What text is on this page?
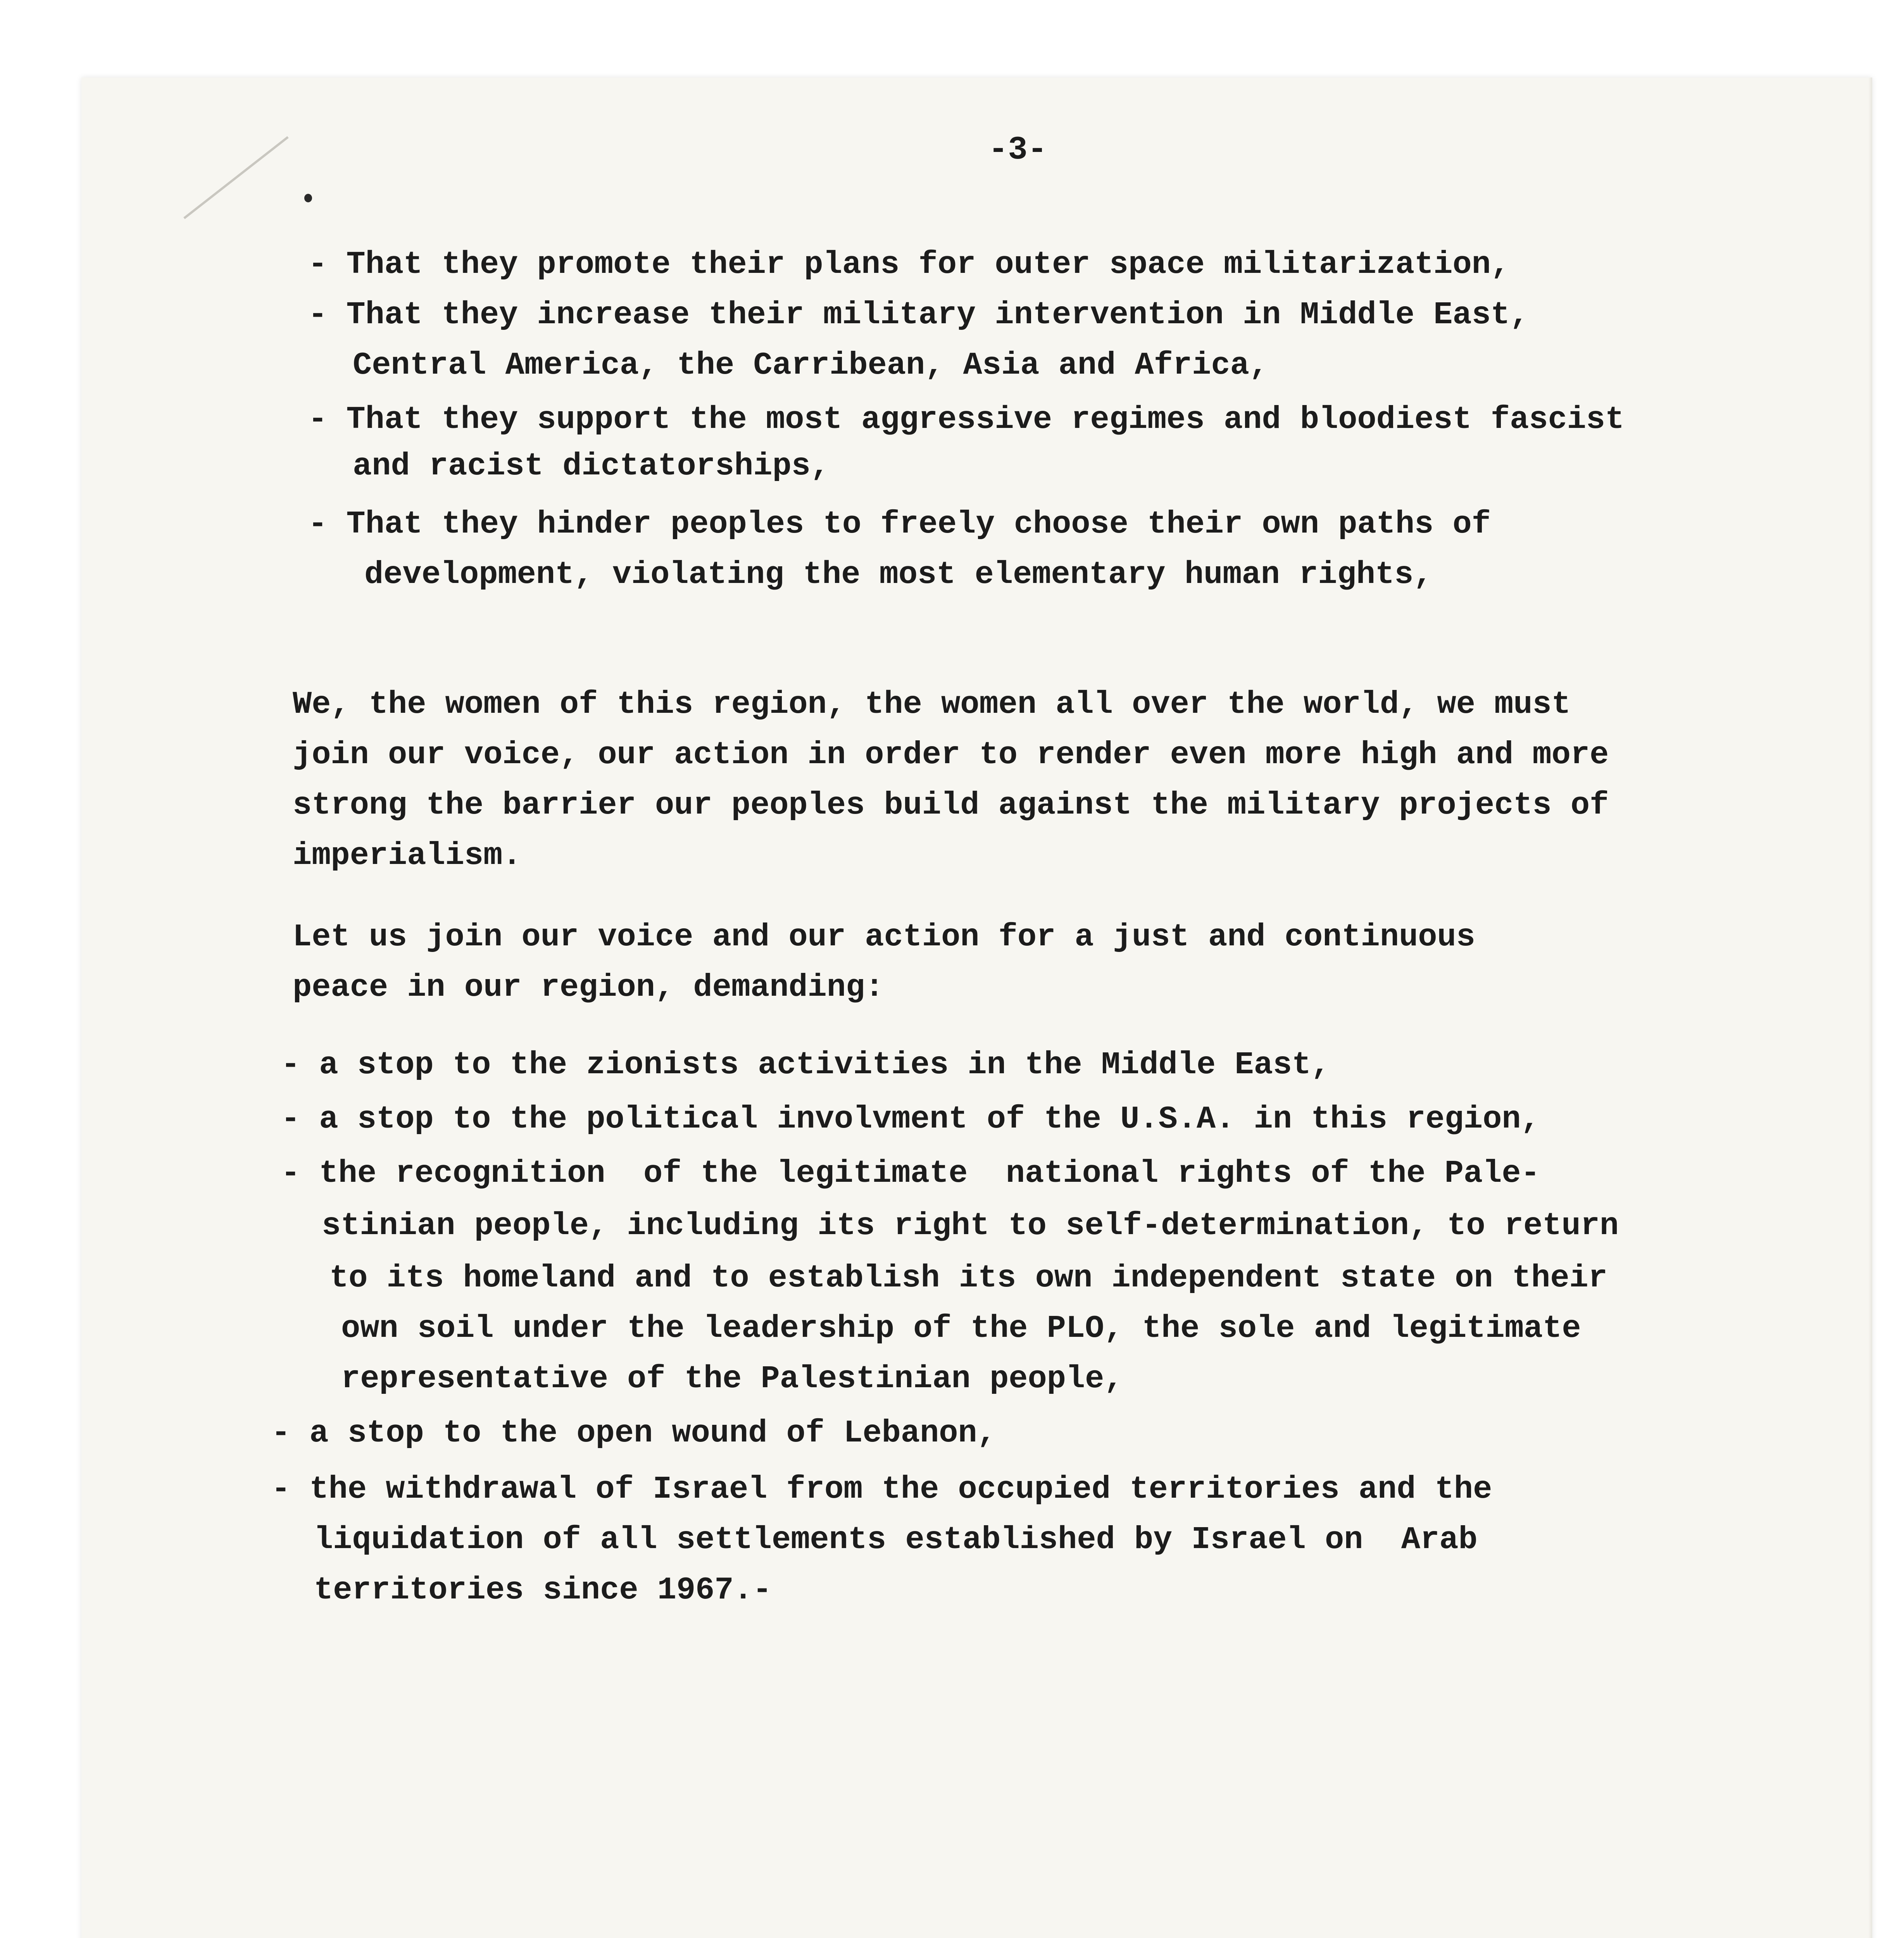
-3-
- That they promote their plans for outer space militarization,
- That they increase their military intervention in Middle East,
Central America, the Carribean, Asia and Africa,
- That they support the most aggressive regimes and bloodiest fascist
and racist dictatorships,
- That they hinder peoples to freely choose their own paths of
development, violating the most elementary human rights,
We, the women of this region, the women all over the world, we must
join our voice, our action in order to render even more high and more
strong the barrier our peoples build against the military projects of
imperialism.
Let us join our voice and our action for a just and continuous
peace in our region, demanding:
- a stop to the zionists activities in the Middle East,
- a stop to the political involvment of the U.S.A. in this region,
- the recognition  of the legitimate  national rights of the Pale-
stinian people, including its right to self-determination, to return
to its homeland and to establish its own independent state on their
own soil under the leadership of the PLO, the sole and legitimate
representative of the Palestinian people,
- a stop to the open wound of Lebanon,
- the withdrawal of Israel from the occupied territories and the
liquidation of all settlements established by Israel on  Arab
territories since 1967.-
